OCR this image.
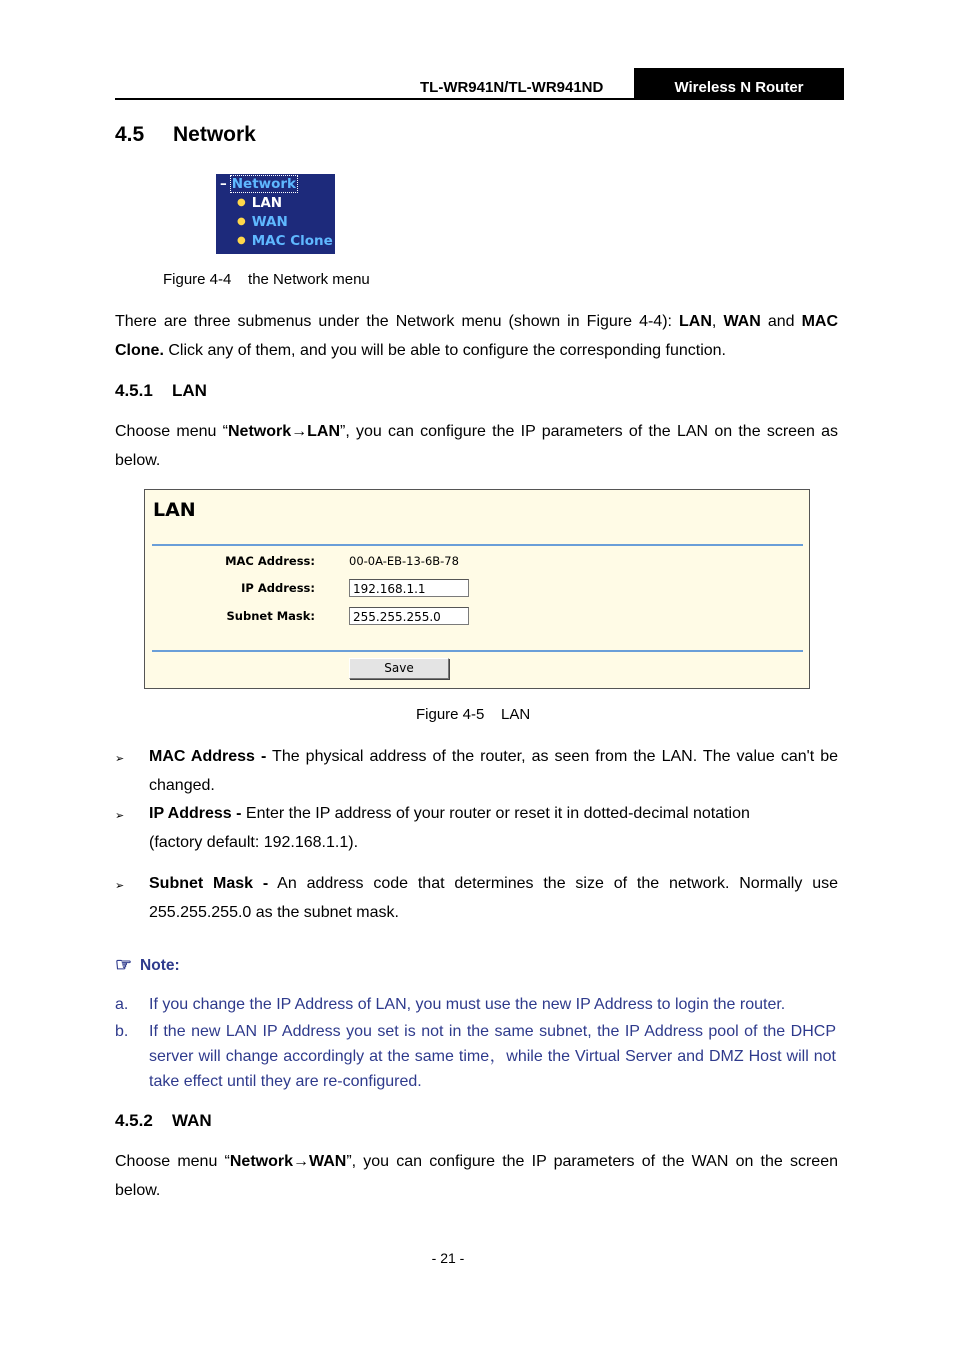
TL-WR941N/TL-WR941ND	Wireless N Router
4.5 Network
– Network
● LAN
● WAN
● MAC Clone
Figure 4-4    the Network menu
There are three submenus under the Network menu (shown in Figure 4-4): LAN, WAN and MAC Clone. Click any of them, and you will be able to configure the corresponding function.
4.5.1 LAN
Choose menu “Network→LAN”, you can configure the IP parameters of the LAN on the screen as below.
LAN
MAC Address:	00-0A-EB-13-6B-78
IP Address:	192.168.1.1
Subnet Mask:	255.255.255.0
Save
Figure 4-5    LAN
➢ MAC Address - The physical address of the router, as seen from the LAN. The value can't be changed.
➢ IP Address - Enter the IP address of your router or reset it in dotted-decimal notation (factory default: 192.168.1.1).
➢ Subnet Mask - An address code that determines the size of the network. Normally use 255.255.255.0 as the subnet mask.
☞ Note:
a. If you change the IP Address of LAN, you must use the new IP Address to login the router.
b. If the new LAN IP Address you set is not in the same subnet, the IP Address pool of the DHCP server will change accordingly at the same time，while the Virtual Server and DMZ Host will not take effect until they are re-configured.
4.5.2 WAN
Choose menu “Network→WAN”, you can configure the IP parameters of the WAN on the screen below.
- 21 -
